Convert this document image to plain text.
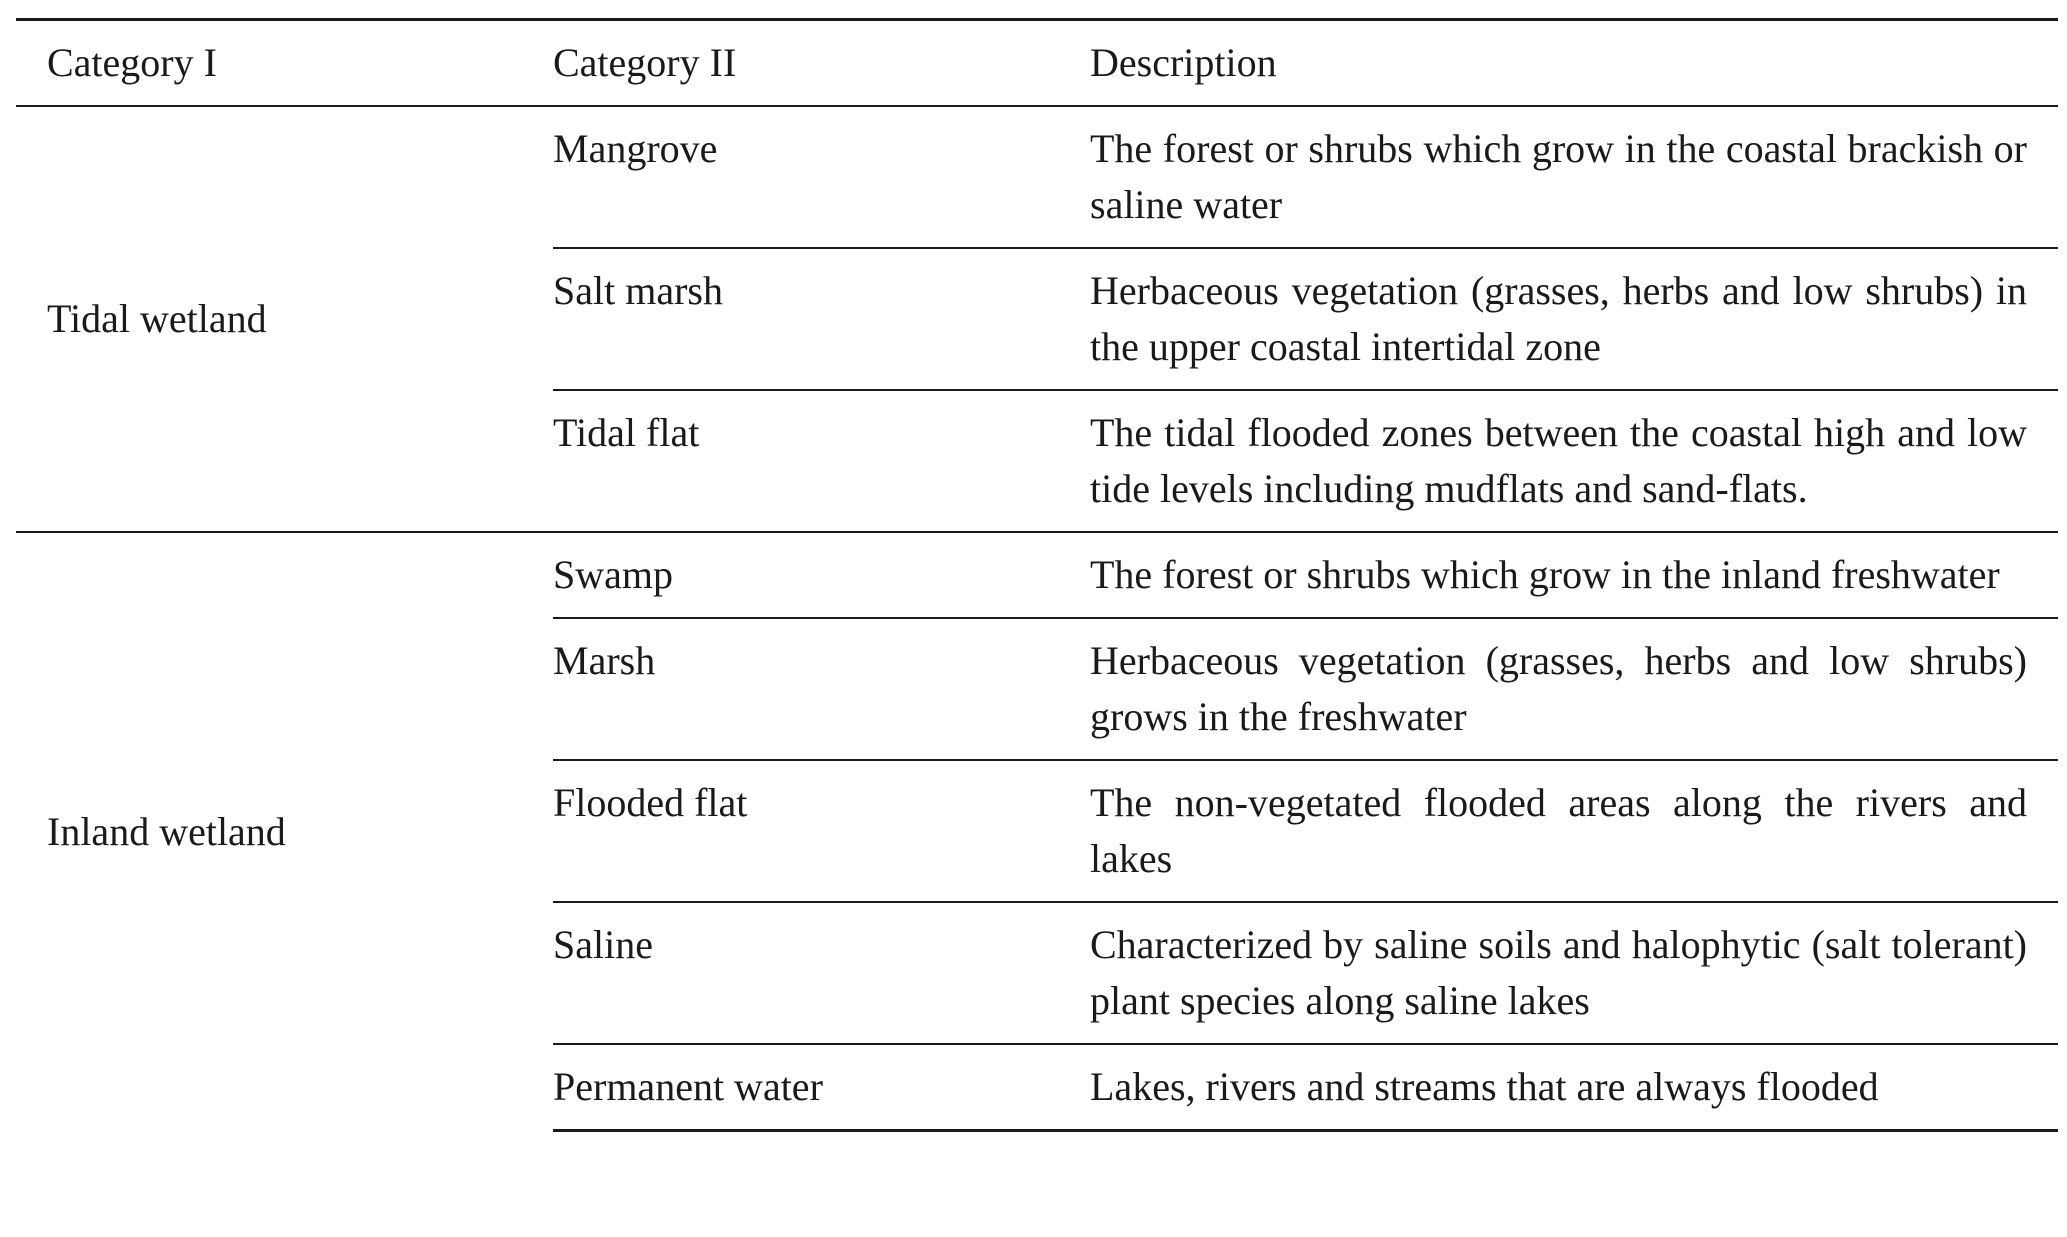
Category I	Category II	Description
Tidal wetland	Mangrove	The forest or shrubs which grow in the coastal brackish or saline water
	Salt marsh	Herbaceous vegetation (grasses, herbs and low shrubs) in the upper coastal intertidal zone
	Tidal flat	The tidal flooded zones between the coastal high and low tide levels including mudflats and sand-flats.
Inland wetland	Swamp	The forest or shrubs which grow in the inland freshwater
	Marsh	Herbaceous vegetation (grasses, herbs and low shrubs) grows in the freshwater
	Flooded flat	The non-vegetated flooded areas along the rivers and lakes
	Saline	Characterized by saline soils and halophytic (salt tolerant) plant species along saline lakes
	Permanent water	Lakes, rivers and streams that are always flooded
